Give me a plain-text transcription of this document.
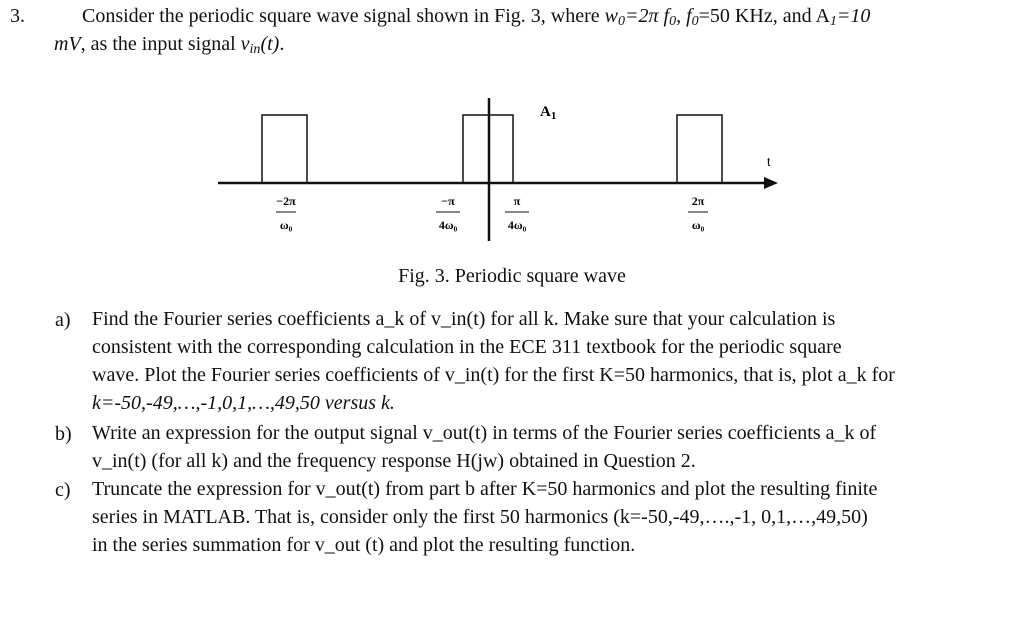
3.	Consider the periodic square wave signal shown in Fig. 3, where $w_0=2\pi$ $f_0$, $f_0=50$ KHz, and $A_1=10$
mV, as the input signal $v_{in}(t)$.
$A_1$
t
−2π
ω₀
−π
4ω₀
π
4ω₀
2π
ω₀
Fig. 3. Periodic square wave
a)	Find the Fourier series coefficients a_k of v_in(t) for all k. Make sure that your calculation is
consistent with the corresponding calculation in the ECE 311 textbook for the periodic square
wave. Plot the Fourier series coefficients of v_in(t) for the first K=50 harmonics, that is, plot a_k for
k=-50,-49,…,-1,0,1,…,49,50 versus k.
b)	Write an expression for the output signal v_out(t) in terms of the Fourier series coefficients a_k of
v_in(t) (for all k) and the frequency response H(jw) obtained in Question 2.
c)	Truncate the expression for v_out(t) from part b after K=50 harmonics and plot the resulting finite
series in MATLAB. That is, consider only the first 50 harmonics (k=-50,-49,….,-1, 0,1,…,49,50)
in the series summation for v_out (t) and plot the resulting function.
